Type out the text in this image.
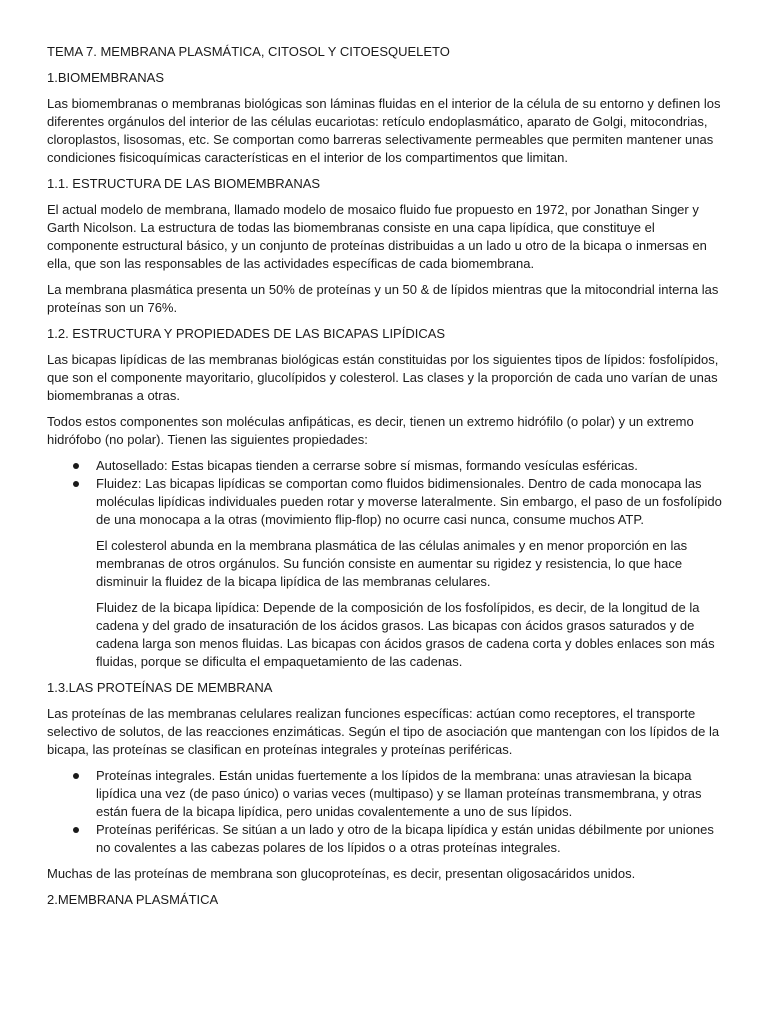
TEMA 7. MEMBRANA PLASMÁTICA, CITOSOL Y CITOESQUELETO

1.BIOMEMBRANAS

Las biomembranas o membranas biológicas son láminas fluidas en el interior de la célula de su entorno y definen los diferentes orgánulos del interior de las células eucariotas: retículo endoplasmático, aparato de Golgi, mitocondrias, cloroplastos, lisosomas, etc. Se comportan como barreras selectivamente permeables que permiten mantener unas condiciones fisicoquímicas características en el interior de los compartimentos que limitan.

1.1. ESTRUCTURA DE LAS BIOMEMBRANAS

El actual modelo de membrana, llamado modelo de mosaico fluido fue propuesto en 1972, por Jonathan Singer y Garth Nicolson. La estructura de todas las biomembranas consiste en una capa lipídica, que constituye el componente estructural básico, y un conjunto de proteínas distribuidas a un lado u otro de la bicapa o inmersas en ella, que son las responsables de las actividades específicas de cada biomembrana.

La membrana plasmática presenta un 50% de proteínas y un 50 & de lípidos mientras que la mitocondrial interna las proteínas son un 76%.

1.2. ESTRUCTURA Y PROPIEDADES DE LAS BICAPAS LIPÍDICAS

Las bicapas lipídicas de las membranas biológicas están constituidas por los siguientes tipos de lípidos: fosfolípidos, que son el componente mayoritario, glucolípidos y colesterol. Las clases y la proporción de cada uno varían de unas biomembranas a otras.

Todos estos componentes son moléculas anfipáticas, es decir, tienen un extremo hidrófilo (o polar) y un extremo hidrófobo (no polar). Tienen las siguientes propiedades:

Autosellado: Estas bicapas tienden a cerrarse sobre sí mismas, formando vesículas esféricas.
Fluidez: Las bicapas lipídicas se comportan como fluidos bidimensionales. Dentro de cada monocapa las moléculas lipídicas individuales pueden rotar y moverse lateralmente. Sin embargo, el paso de un fosfolípido de una monocapa a la otras (movimiento flip-flop) no ocurre casi nunca, consume muchos ATP.

El colesterol abunda en la membrana plasmática de las células animales y en menor proporción en las membranas de otros orgánulos. Su función consiste en aumentar su rigidez y resistencia, lo que hace disminuir la fluidez de la bicapa lipídica de las membranas celulares.

Fluidez de la bicapa lipídica: Depende de la composición de los fosfolípidos, es decir, de la longitud de la cadena y del grado de insaturación de los ácidos grasos. Las bicapas con ácidos grasos saturados y de cadena larga son menos fluidas. Las bicapas con ácidos grasos de cadena corta y dobles enlaces son más fluidas, porque se dificulta el empaquetamiento de las cadenas.

1.3.LAS PROTEÍNAS DE MEMBRANA

Las proteínas de las membranas celulares realizan funciones específicas: actúan como receptores, el transporte selectivo de solutos, de las reacciones enzimáticas. Según el tipo de asociación que mantengan con los lípidos de la bicapa, las proteínas se clasifican en proteínas integrales y proteínas periféricas.

Proteínas integrales. Están unidas fuertemente a los lípidos de la membrana: unas atraviesan la bicapa lipídica una vez (de paso único) o varias veces (multipaso) y se llaman proteínas transmembrana, y otras están fuera de la bicapa lipídica, pero unidas covalentemente a uno de sus lípidos.
Proteínas periféricas. Se sitúan a un lado y otro de la bicapa lipídica y están unidas débilmente por uniones no covalentes a las cabezas polares de los lípidos o a otras proteínas integrales.

Muchas de las proteínas de membrana son glucoproteínas, es decir, presentan oligosacáridos unidos.

2.MEMBRANA PLASMÁTICA
